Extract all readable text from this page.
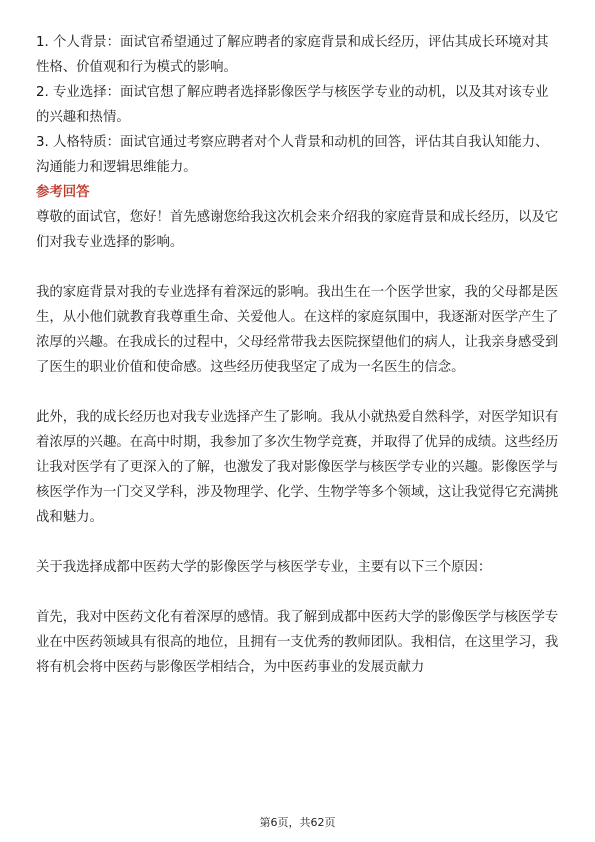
1. 个人背景：面试官希望通过了解应聘者的家庭背景和成长经历，评估其成长环境对其性格、价值观和行为模式的影响。

2. 专业选择：面试官想了解应聘者选择影像医学与核医学专业的动机，以及其对该专业的兴趣和热情。

3. 人格特质：面试官通过考察应聘者对个人背景和动机的回答，评估其自我认知能力、沟通能力和逻辑思维能力。

参考回答

尊敬的面试官，您好！首先感谢您给我这次机会来介绍我的家庭背景和成长经历，以及它们对我专业选择的影响。

我的家庭背景对我的专业选择有着深远的影响。我出生在一个医学世家，我的父母都是医生，从小他们就教育我尊重生命、关爱他人。在这样的家庭氛围中，我逐渐对医学产生了浓厚的兴趣。在我成长的过程中，父母经常带我去医院探望他们的病人，让我亲身感受到了医生的职业价值和使命感。这些经历使我坚定了成为一名医生的信念。

此外，我的成长经历也对我专业选择产生了影响。我从小就热爱自然科学，对医学知识有着浓厚的兴趣。在高中时期，我参加了多次生物学竞赛，并取得了优异的成绩。这些经历让我对医学有了更深入的了解，也激发了我对影像医学与核医学专业的兴趣。影像医学与核医学作为一门交叉学科，涉及物理学、化学、生物学等多个领域，这让我觉得它充满挑战和魅力。

关于我选择成都中医药大学的影像医学与核医学专业，主要有以下三个原因：

首先，我对中医药文化有着深厚的感情。我了解到成都中医药大学的影像医学与核医学专业在中医药领域具有很高的地位，且拥有一支优秀的教师团队。我相信，在这里学习，我将有机会将中医药与影像医学相结合，为中医药事业的发展贡献力

第6页，共62页
